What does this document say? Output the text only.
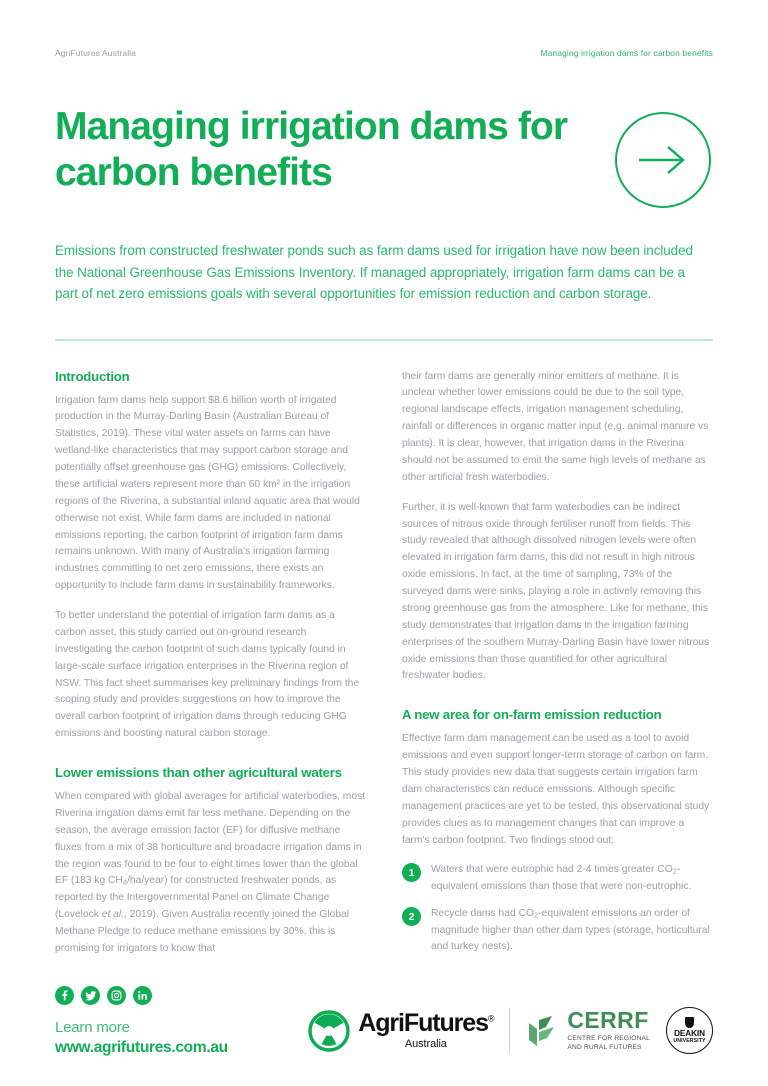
AgriFutures Australia	Managing irrigation dams for carbon benefits
Managing irrigation dams for carbon benefits

Emissions from constructed freshwater ponds such as farm dams used for irrigation have now been included the National Greenhouse Gas Emissions Inventory. If managed appropriately, irrigation farm dams can be a part of net zero emissions goals with several opportunities for emission reduction and carbon storage.

Introduction

Irrigation farm dams help support $8.6 billion worth of irrigated production in the Murray-Darling Basin (Australian Bureau of Statistics, 2019). These vital water assets on farms can have wetland-like characteristics that may support carbon storage and potentially offset greenhouse gas (GHG) emissions. Collectively, these artificial waters represent more than 60 km² in the irrigation regions of the Riverina, a substantial inland aquatic area that would otherwise not exist. While farm dams are included in national emissions reporting, the carbon footprint of irrigation farm dams remains unknown. With many of Australia's irrigation farming industries committing to net zero emissions, there exists an opportunity to include farm dams in sustainability frameworks.

To better understand the potential of irrigation farm dams as a carbon asset, this study carried out on-ground research investigating the carbon footprint of such dams typically found in large-scale surface irrigation enterprises in the Riverina region of NSW. This fact sheet summarises key preliminary findings from the scoping study and provides suggestions on how to improve the overall carbon footprint of irrigation dams through reducing GHG emissions and boosting natural carbon storage.

Lower emissions than other agricultural waters

When compared with global averages for artificial waterbodies, most Riverina irrigation dams emit far less methane. Depending on the season, the average emission factor (EF) for diffusive methane fluxes from a mix of 38 horticulture and broadacre irrigation dams in the region was found to be four to eight times lower than the global EF (183 kg $CH_4/ha/year$) for constructed freshwater ponds, as reported by the Intergovernmental Panel on Climate Change (Lovelock et al., 2019). Given Australia recently joined the Global Methane Pledge to reduce methane emissions by 30%, this is promising for irrigators to know that

their farm dams are generally minor emitters of methane. It is unclear whether lower emissions could be due to the soil type, regional landscape effects, irrigation management scheduling, rainfall or differences in organic matter input (e.g. animal manure vs plants). It is clear, however, that irrigation dams in the Riverina should not be assumed to emit the same high levels of methane as other artificial fresh waterbodies.

Further, it is well-known that farm waterbodies can be indirect sources of nitrous oxide through fertiliser runoff from fields. This study revealed that although dissolved nitrogen levels were often elevated in irrigation farm dams, this did not result in high nitrous oxide emissions. In fact, at the time of sampling, 73% of the surveyed dams were sinks, playing a role in actively removing this strong greenhouse gas from the atmosphere. Like for methane, this study demonstrates that irrigation dams in the irrigation farming enterprises of the southern Murray-Darling Basin have lower nitrous oxide emissions than those quantified for other agricultural freshwater bodies.

A new area for on-farm emission reduction

Effective farm dam management can be used as a tool to avoid emissions and even support longer-term storage of carbon on farm. This study provides new data that suggests certain irrigation farm dam characteristics can reduce emissions. Although specific management practices are yet to be tested, this observational study provides clues as to management changes that can improve a farm's carbon footprint. Two findings stood out:

1	Waters that were eutrophic had 2-4 times greater $CO_2$-equivalent emissions than those that were non-eutrophic.
2	Recycle dams had $CO_2$-equivalent emissions an order of magnitude higher than other dam types (storage, horticultural and turkey nests).
Learn more
www.agrifutures.com.au
AgriFutures®
Australia
CERRF
CENTRE FOR REGIONAL
AND RURAL FUTURES
DEAKIN
UNIVERSITY
